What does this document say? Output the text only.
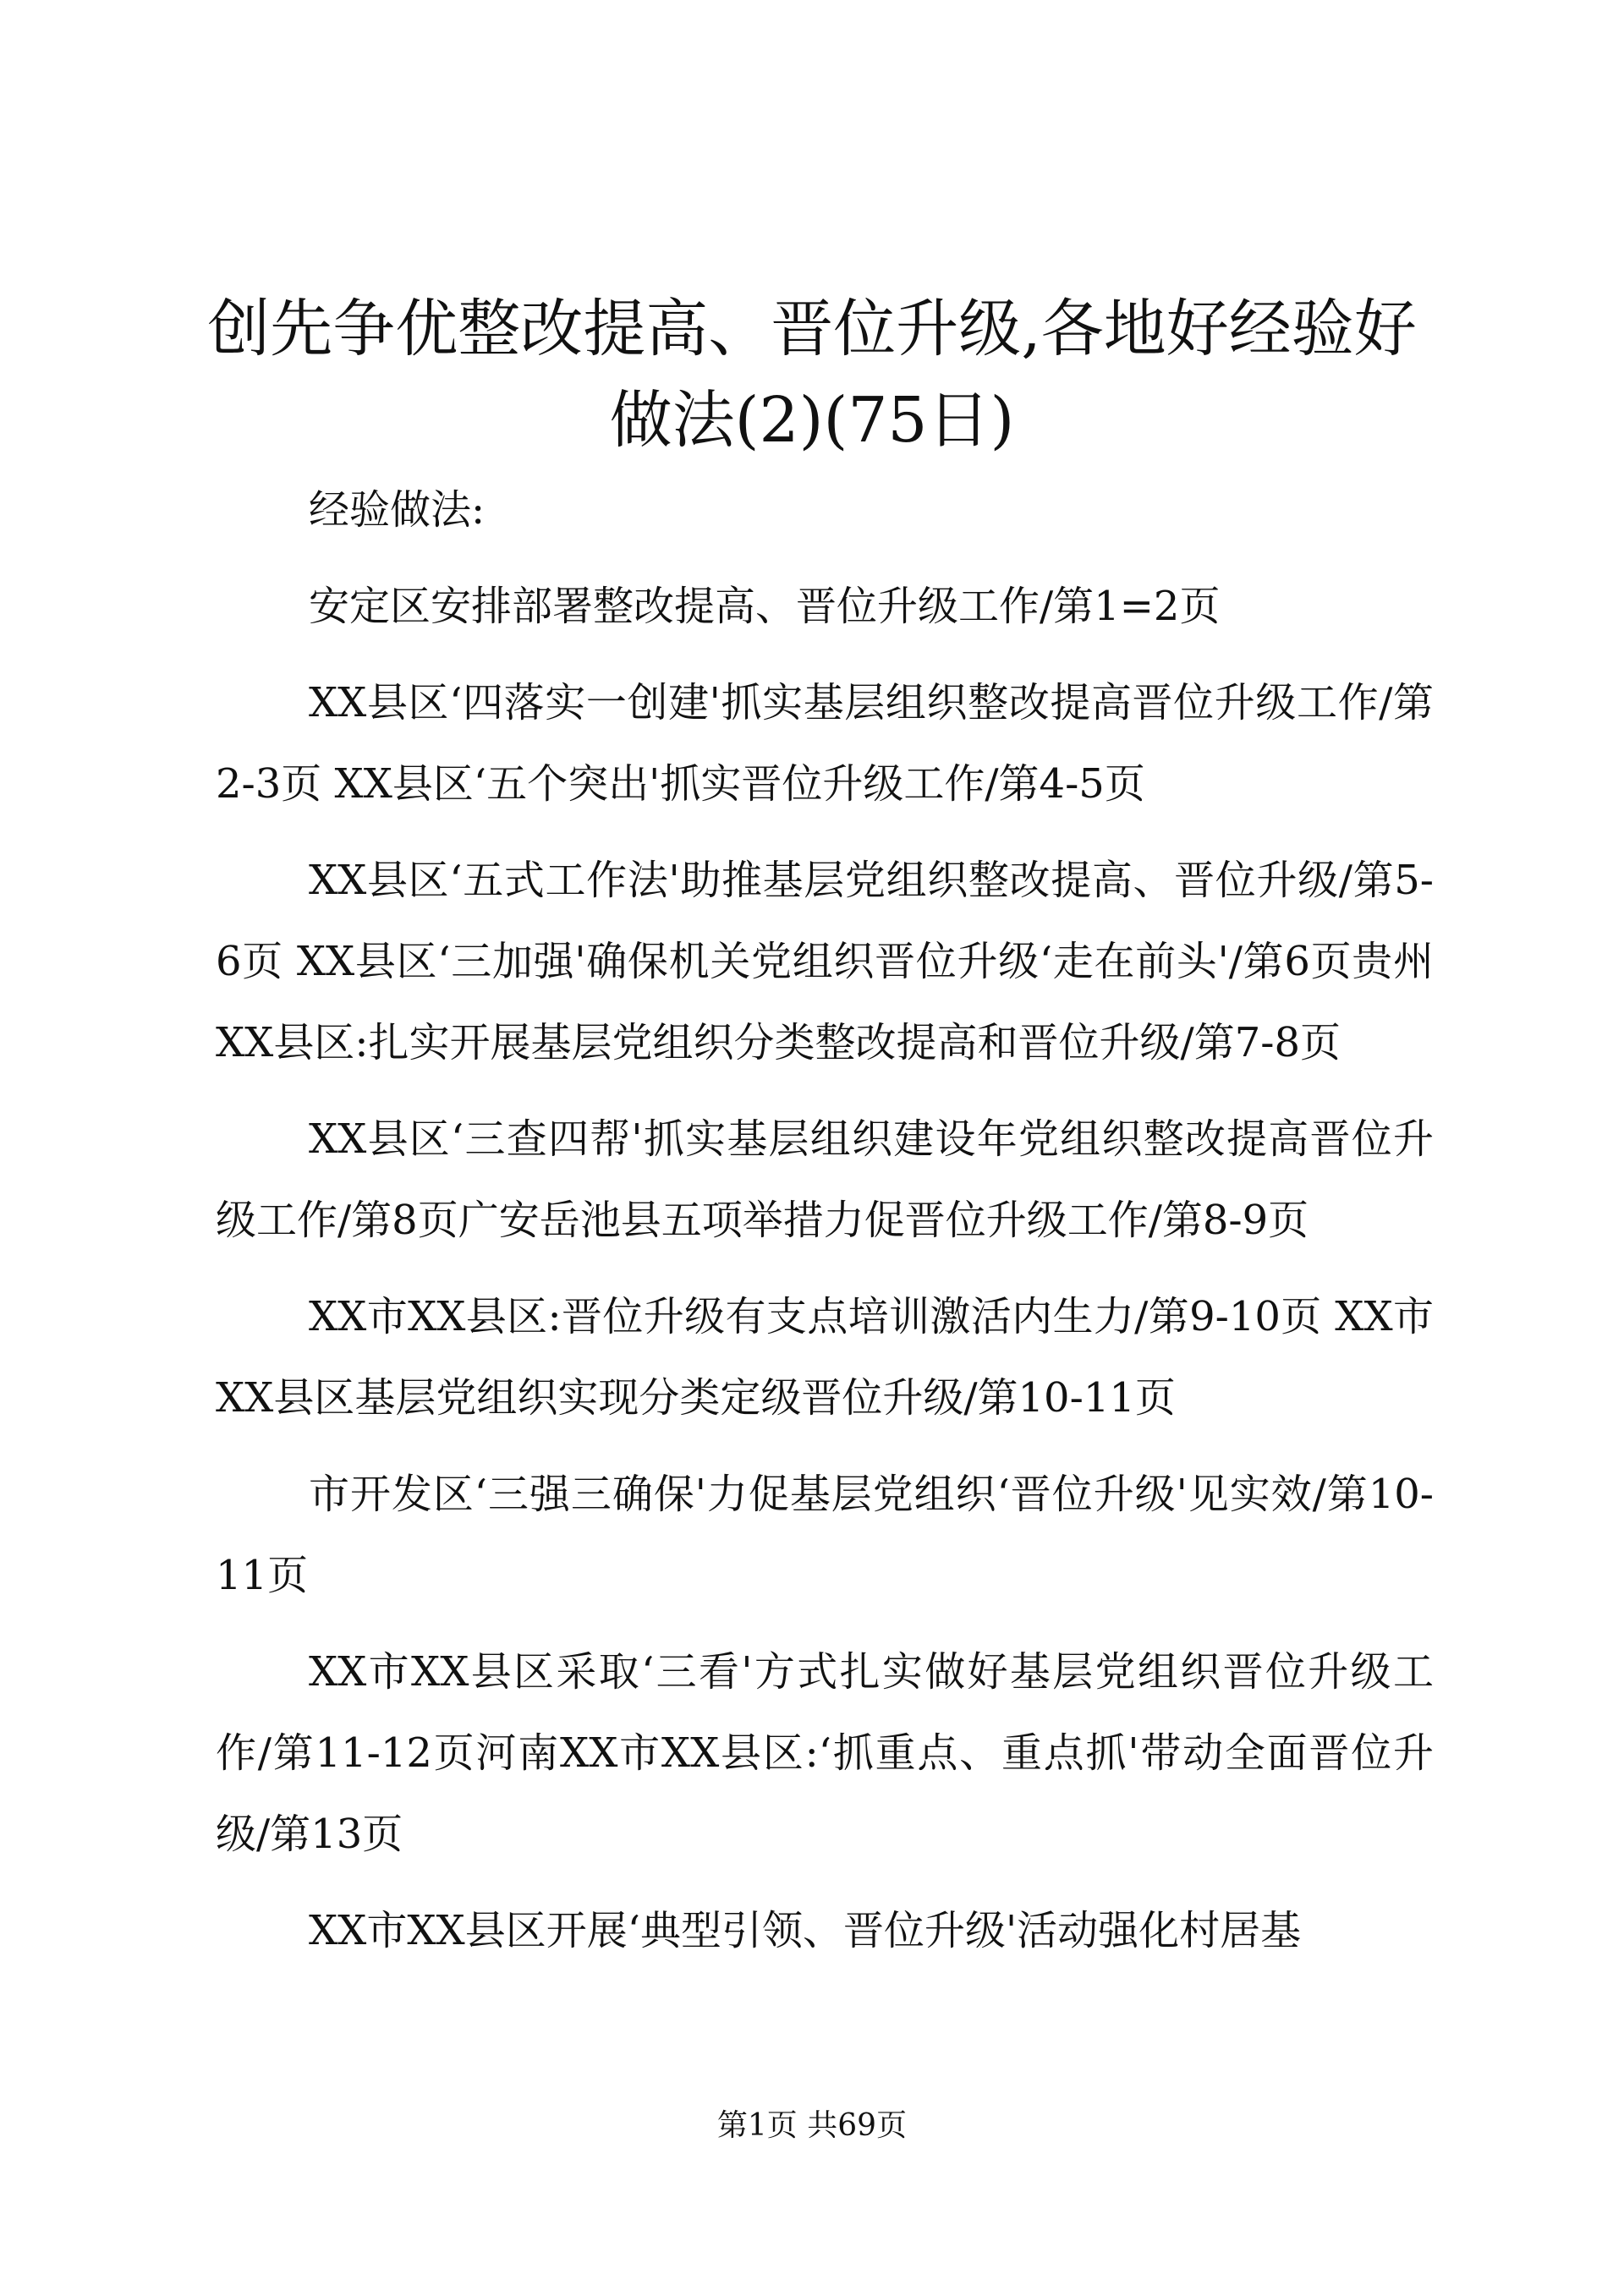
创先争优整改提高、晋位升级,各地好经验好做法(2)(75日)

经验做法:

安定区安排部署整改提高、晋位升级工作/第1=2页

XX县区‘四落实一创建'抓实基层组织整改提高晋位升级工作/第2-3页 XX县区‘五个突出'抓实晋位升级工作/第4-5页

XX县区‘五式工作法'助推基层党组织整改提高、晋位升级/第5-6页 XX县区‘三加强'确保机关党组织晋位升级‘走在前头'/第6页贵州XX县区:扎实开展基层党组织分类整改提高和晋位升级/第7-8页

XX县区‘三查四帮'抓实基层组织建设年党组织整改提高晋位升级工作/第8页广安岳池县五项举措力促晋位升级工作/第8-9页

XX市XX县区:晋位升级有支点培训激活内生力/第9-10页 XX市XX县区基层党组织实现分类定级晋位升级/第10-11页

市开发区‘三强三确保'力促基层党组织‘晋位升级'见实效/第10-11页

XX市XX县区采取‘三看'方式扎实做好基层党组织晋位升级工作/第11-12页河南XX市XX县区:‘抓重点、重点抓'带动全面晋位升级/第13页

XX市XX县区开展‘典型引领、晋位升级'活动强化村居基

第1页 共69页
